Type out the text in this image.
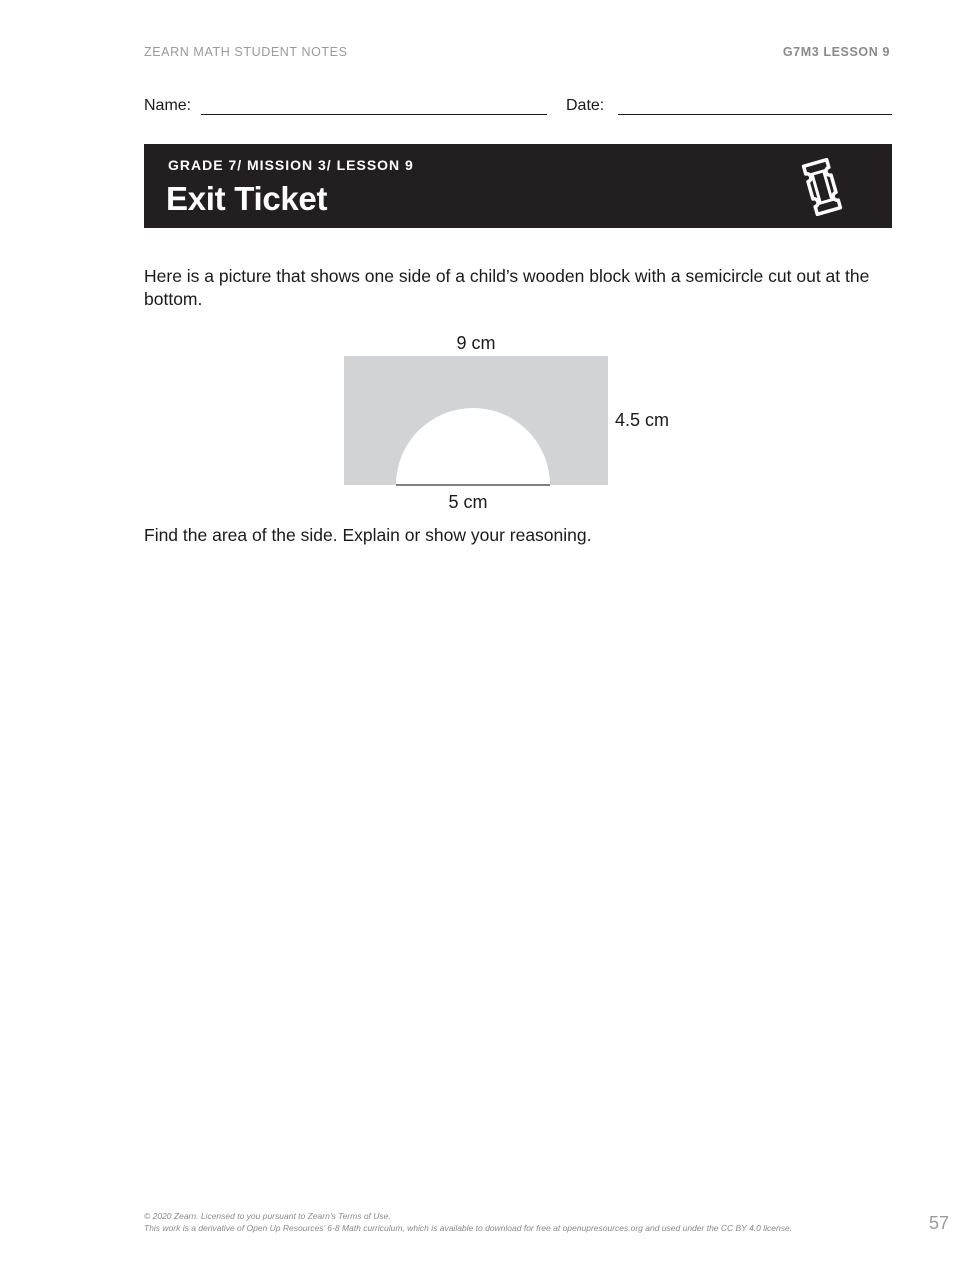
ZEARN MATH STUDENT NOTES	G7M3 LESSON 9
Name:	Date:
GRADE 7/ MISSION 3/ LESSON 9
Exit Ticket
Here is a picture that shows one side of a child’s wooden block with a semicircle cut out at the bottom.
9 cm
4.5 cm
5 cm
Find the area of the side. Explain or show your reasoning.
© 2020 Zearn. Licensed to you pursuant to Zearn’s Terms of Use.
This work is a derivative of Open Up Resources’ 6-8 Math curriculum, which is available to download for free at openupresources.org and used under the CC BY 4.0 license.	57
